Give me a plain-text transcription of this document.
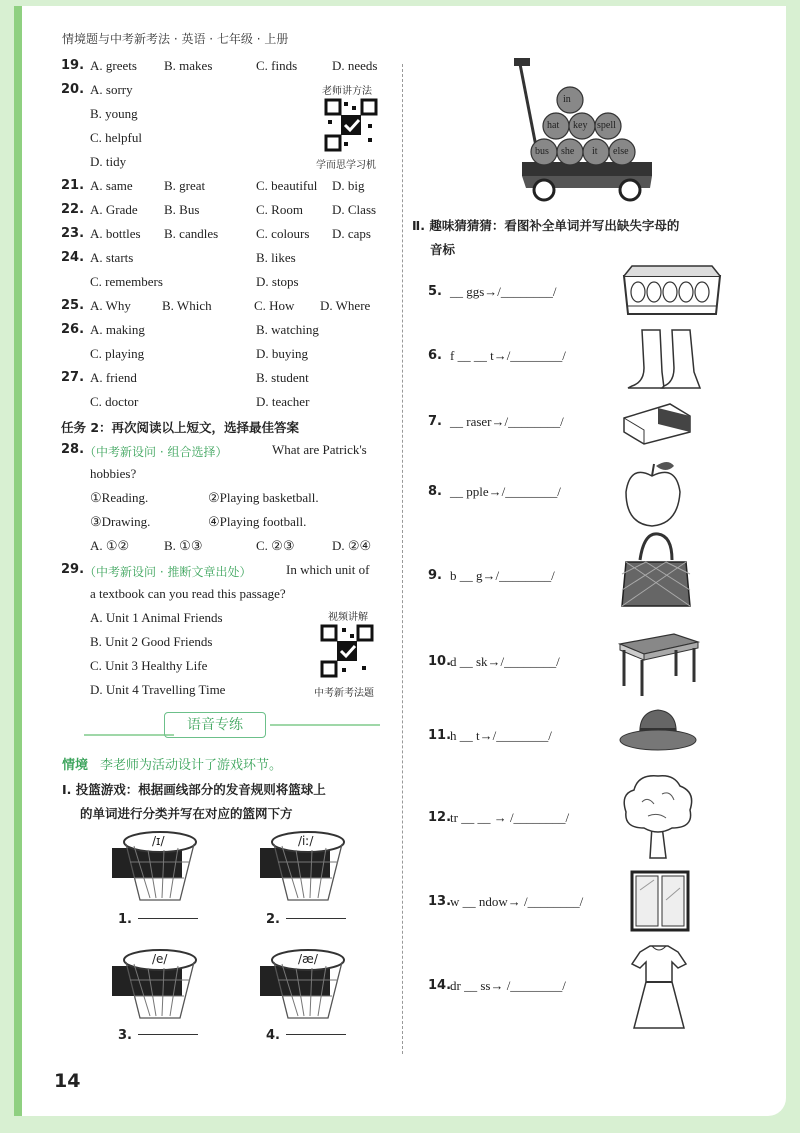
情境题与中考新考法 · 英语 · 七年级 · 上册
19. A. greets B. makes	C. finds	D. needs
20. A. sorry
B. young
C. helpful
D. tidy
老师讲方法
学而思学习机
21. A. same B. great	C. beautiful D. big
22. A. Grade B. Bus	C. Room D. Class
23. A. bottles B. candles	C. colours D. caps
24. A. starts	B. likes
C. remembers	D. stops
25. A. Why B. Which	C. How D. Where
26. A. making	B. watching
C. playing	D. buying
27. A. friend	B. student
C. doctor	D. teacher
任务 2：再次阅读以上短文，选择最佳答案
28. （中考新设问 · 组合选择）	What are Patrick's
hobbies?
①Reading.	②Playing basketball.
③Drawing.	④Playing football.
A. ①②	B. ①③	C. ②③	D. ②④
29. （中考新设问 · 推断文章出处）	In which unit of
a textbook can you read this passage?
A. Unit 1 Animal Friends
B. Unit 2 Good Friends
C. Unit 3 Healthy Life
D. Unit 4 Travelling Time
视频讲解
中考新考法题
语音专练
情境 李老师为活动设计了游戏环节。
Ⅰ. 投篮游戏：根据画线部分的发音规则将篮球上
的单词进行分类并写在对应的篮网下方
/ɪ/
1.
/iː/
2.
/e/
3.
/æ/
4.
in
hat key spell
bus she it else
Ⅱ. 趣味猜猜猜：看图补全单词并写出缺失字母的
音标
5. __ ggs→/________/
6. f __ __ t→/________/
7. __ raser→/________/
8. __ pple→/________/
9. b __ g→/________/
10.
d __ sk→/________/
11.
h __ t→/________/
12.
tr __ __ → /________/
13.
w __ ndow→ /________/
14.
dr __ ss→ /________/
14
